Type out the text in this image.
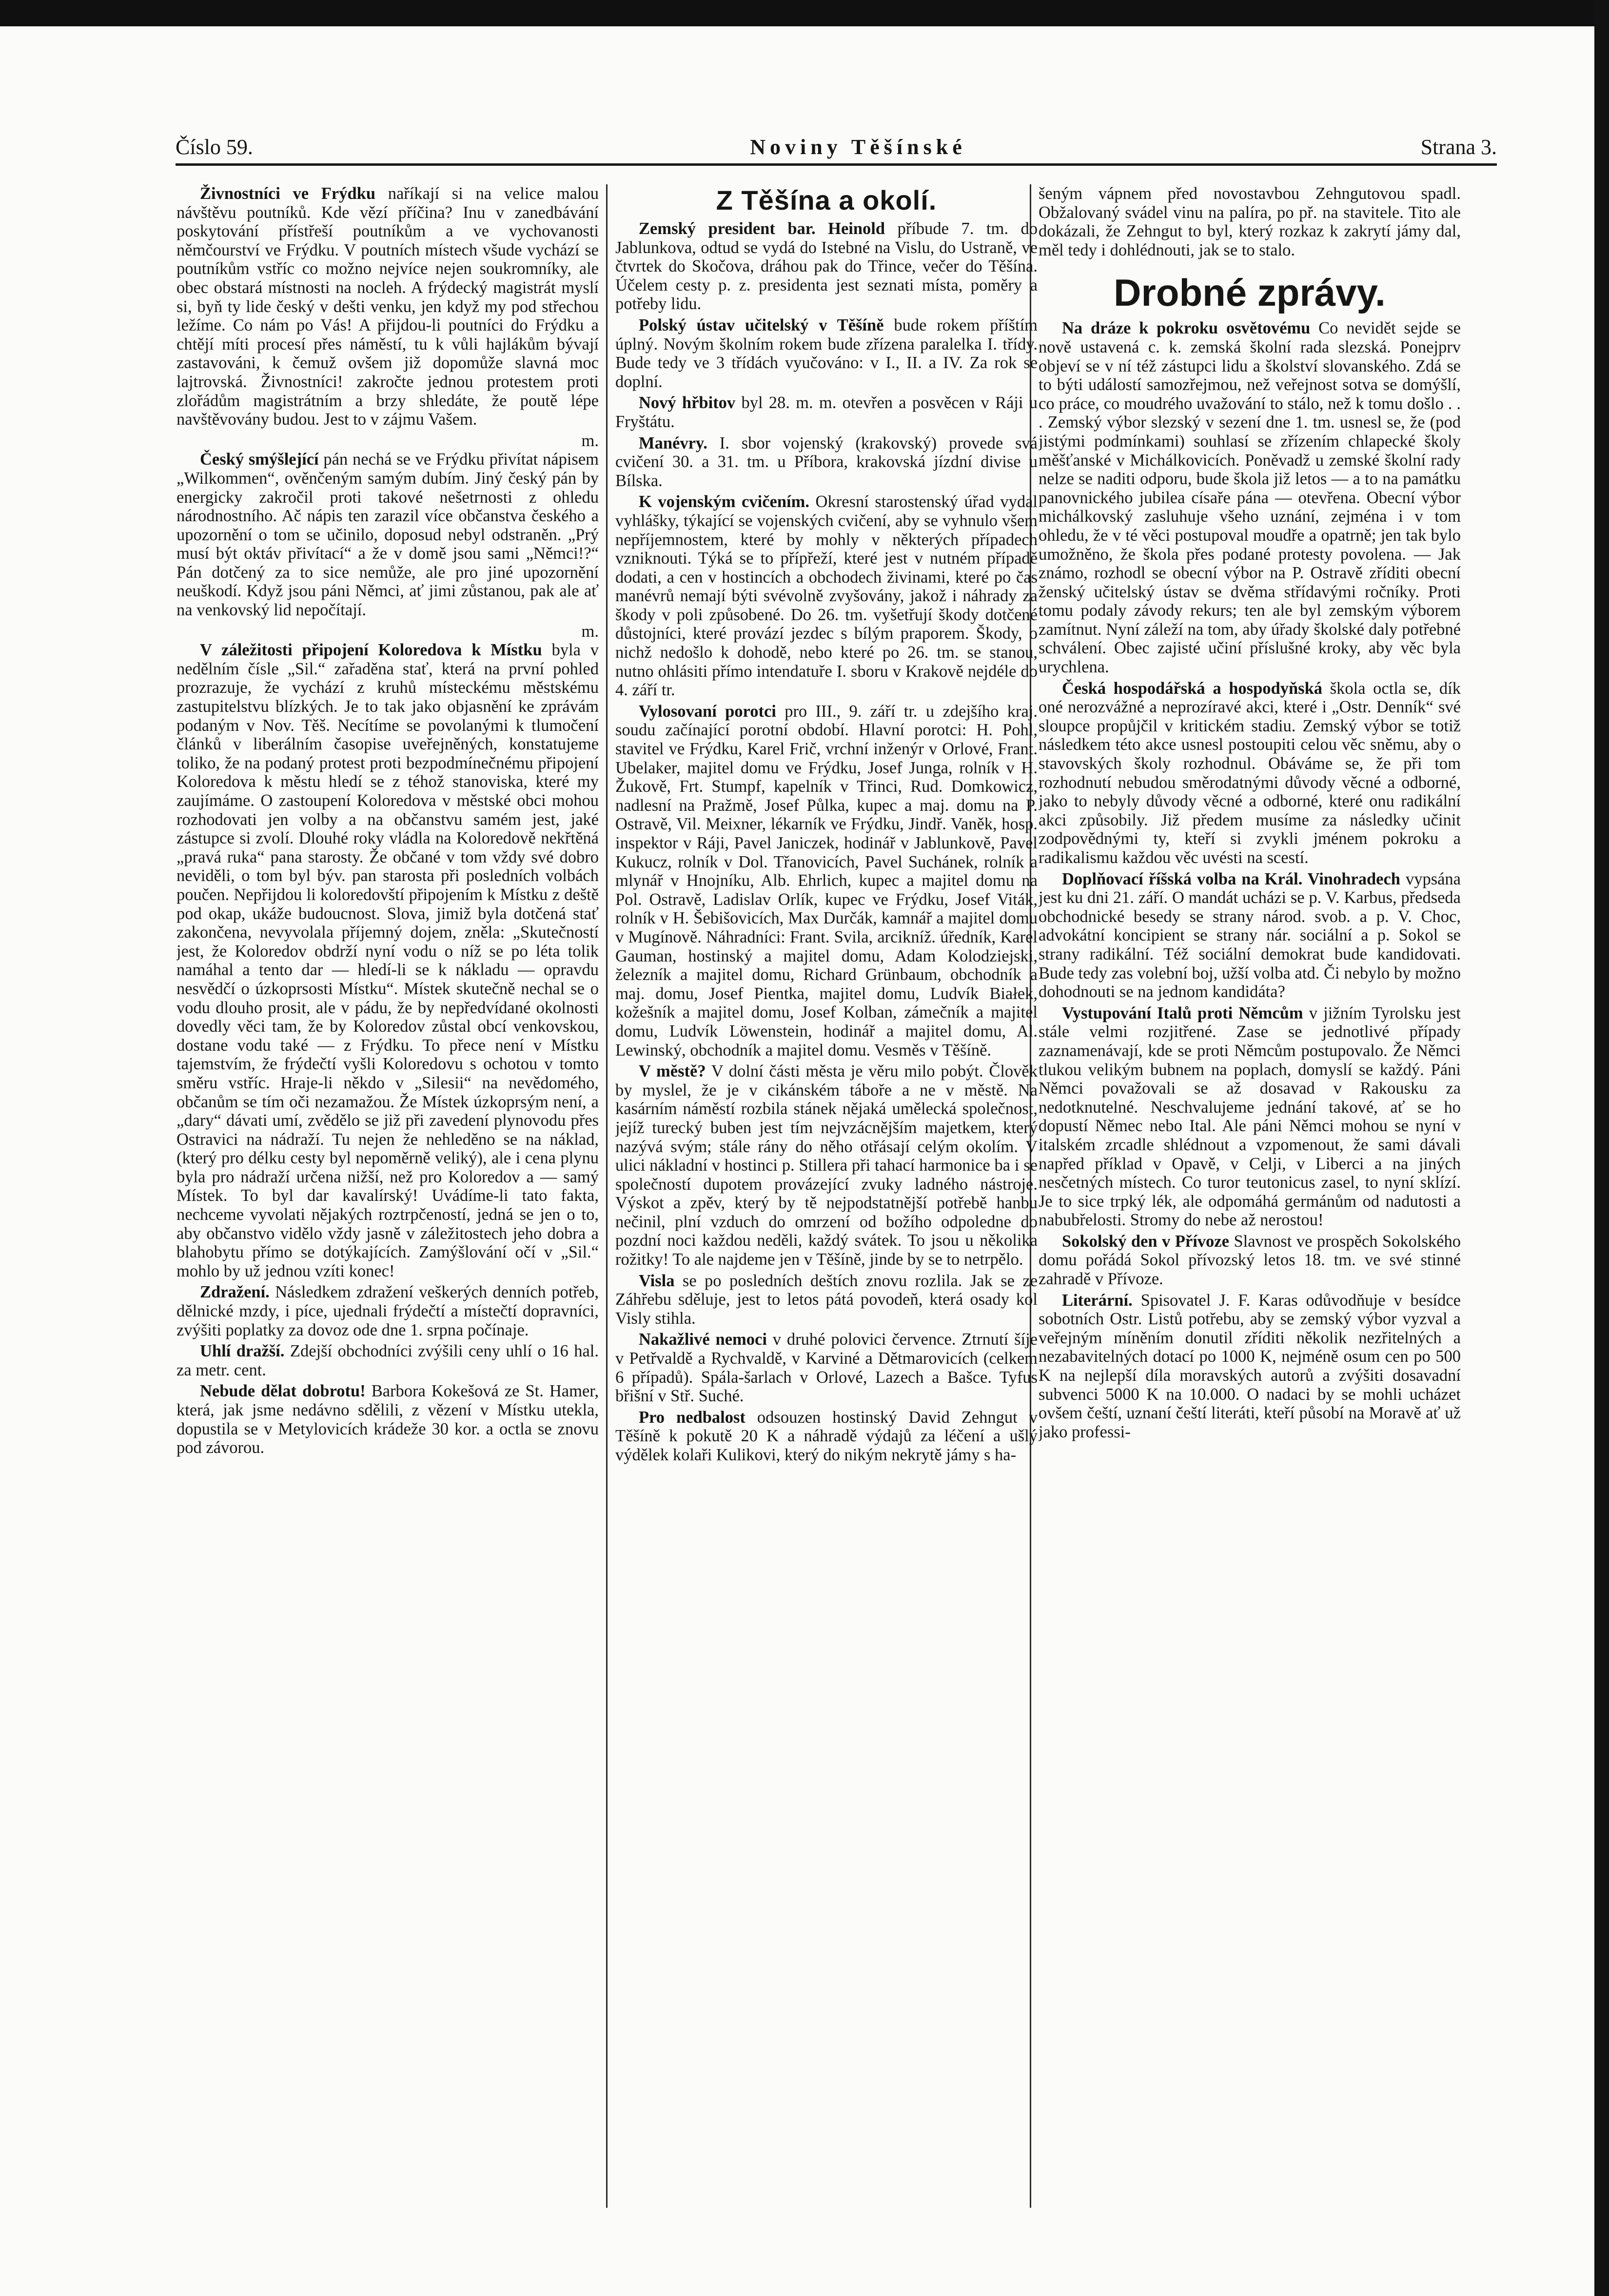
Číslo 59.	Noviny Těšínské	Strana 3.

Živnostníci ve Frýdku naříkají si na velice malou návštěvu poutníků. Kde vězí příčina? Inu v zanedbávání poskytování přístřeší poutníkům a ve vychovanosti němčourství ve Frýdku. V poutních místech všude vychází se poutníkům vstříc co možno nejvíce nejen soukromníky, ale obec obstará místnosti na nocleh. A frýdecký magistrát myslí si, byň ty lide český v dešti venku, jen když my pod střechou ležíme. Co nám po Vás! A přijdou-li poutníci do Frýdku a chtějí míti procesí přes náměstí, tu k vůli hajlákům bývají zastavováni, k čemuž ovšem již dopomůže slavná moc lajtrovská. Živnostníci! zakročte jednou protestem proti zlořádům magistrátním a brzy shledáte, že poutě lépe navštěvovány budou. Jest to v zájmu Vašem.

m.

Český smýšlející pán nechá se ve Frýdku přivítat nápisem „Wilkommen“, ověnčeným samým dubím. Jiný český pán by energicky zakročil proti takové nešetrnosti z ohledu národnostního. Ač nápis ten zarazil více občanstva českého a upozornění o tom se učinilo, doposud nebyl odstraněn. „Prý musí být oktáv přivítací“ a že v domě jsou sami „Němci!?“ Pán dotčený za to sice nemůže, ale pro jiné upozornění neuškodí. Když jsou páni Němci, ať jimi zůstanou, pak ale ať na venkovský lid nepočítají.

m.

V záležitosti připojení Koloredova k Místku byla v nedělním čísle „Sil.“ zařaděna stať, která na první pohled prozrazuje, že vychází z kruhů místeckému městskému zastupitelstvu blízkých. Je to tak jako objasnění ke zprávám podaným v Nov. Těš. Necítíme se povolanými k tlumočení článků v liberálním časopise uveřejněných, konstatujeme toliko, že na podaný protest proti bezpodmínečnému připojení Koloredova k městu hledí se z téhož stanoviska, které my zaujímáme. O zastoupení Koloredova v městské obci mohou rozhodovati jen volby a na občanstvu samém jest, jaké zástupce si zvolí. Dlouhé roky vládla na Koloredově nekřtěná „pravá ruka“ pana starosty. Že občané v tom vždy své dobro neviděli, o tom byl býv. pan starosta při posledních volbách poučen. Nepřijdou li koloredovští připojením k Místku z deště pod okap, ukáže budoucnost. Slova, jimiž byla dotčená stať zakončena, nevyvolala příjemný dojem, zněla: „Skutečností jest, že Koloredov obdrží nyní vodu o níž se po léta tolik namáhal a tento dar — hledí-li se k nákladu — opravdu nesvědčí o úzkoprsosti Místku“. Místek skutečně nechal se o vodu dlouho prosit, ale v pádu, že by nepředvídané okolnosti dovedly věci tam, že by Koloredov zůstal obcí venkovskou, dostane vodu také — z Frýdku. To přece není v Místku tajemstvím, že frýdečtí vyšli Koloredovu s ochotou v tomto směru vstříc. Hraje-li někdo v „Silesii“ na nevědomého, občanům se tím oči nezamažou. Že Místek úzkoprsým není, a „dary“ dávati umí, zvědělo se již při zavedení plynovodu přes Ostravici na nádraží. Tu nejen že nehleděno se na náklad, (který pro délku cesty byl nepoměrně veliký), ale i cena plynu byla pro nádraží určena nižší, než pro Koloredov a — samý Místek. To byl dar kavalírský! Uvádíme-li tato fakta, nechceme vyvolati nějakých roztrpčeností, jedná se jen o to, aby občanstvo vidělo vždy jasně v záležitostech jeho dobra a blahobytu přímo se dotýkajících. Zamýšlování očí v „Sil.“ mohlo by už jednou vzíti konec!

Zdražení. Následkem zdražení veškerých denních potřeb, dělnické mzdy, i píce, ujednali frýdečtí a místečtí dopravníci, zvýšiti poplatky za dovoz ode dne 1. srpna počínaje.

Uhlí dražší. Zdejší obchodníci zvýšili ceny uhlí o 16 hal. za metr. cent.

Nebude dělat dobrotu! Barbora Kokešová ze St. Hamer, která, jak jsme nedávno sdělili, z vězení v Místku utekla, dopustila se v Metylovicích krádeže 30 kor. a octla se znovu pod závorou.

Z Těšína a okolí.

Zemský president bar. Heinold příbude 7. tm. do Jablunkova, odtud se vydá do Istebné na Vislu, do Ustraně, ve čtvrtek do Skočova, dráhou pak do Třince, večer do Těšína. Účelem cesty p. z. presidenta jest seznati místa, poměry a potřeby lidu.

Polský ústav učitelský v Těšíně bude rokem příštím úplný. Novým školním rokem bude zřízena paralelka I. třídy. Bude tedy ve 3 třídách vyučováno: v I., II. a IV. Za rok se doplní.

Nový hřbitov byl 28. m. m. otevřen a posvěcen v Ráji u Fryštátu.

Manévry. I. sbor vojenský (krakovský) provede svá cvičení 30. a 31. tm. u Příbora, krakovská jízdní divise u Bílska.

K vojenským cvičením. Okresní starostenský úřad vydal vyhlášky, týkající se vojenských cvičení, aby se vyhnulo všem nepříjemnostem, které by mohly v některých případech vzniknouti. Týká se to přípřeží, které jest v nutném případě dodati, a cen v hostincích a obchodech živinami, které po čas manévrů nemají býti svévolně zvyšovány, jakož i náhrady za škody v poli způsobené. Do 26. tm. vyšetřují škody dotčené důstojníci, které provází jezdec s bílým praporem. Škody, o nichž nedošlo k dohodě, nebo které po 26. tm. se stanou, nutno ohlásiti přímo intendatuře I. sboru v Krakově nejdéle do 4. září tr.

Vylosovaní porotci pro III., 9. září tr. u zdejšího kraj. soudu začínající porotní období. Hlavní porotci: H. Pohl, stavitel ve Frýdku, Karel Frič, vrchní inženýr v Orlové, Frant. Ubelaker, majitel domu ve Frýdku, Josef Junga, rolník v H. Žukově, Frt. Stumpf, kapelník v Třinci, Rud. Domkowicz, nadlesní na Pražmě, Josef Půlka, kupec a maj. domu na P. Ostravě, Vil. Meixner, lékarník ve Frýdku, Jindř. Vaněk, hosp. inspektor v Ráji, Pavel Janiczek, hodinář v Jablunkově, Pavel Kukucz, rolník v Dol. Třanovicích, Pavel Suchánek, rolník a mlynář v Hnojníku, Alb. Ehrlich, kupec a majitel domu na Pol. Ostravě, Ladislav Orlík, kupec ve Frýdku, Josef Viták, rolník v H. Šebišovicích, Max Durčák, kamnář a majitel domu v Mugínově. Náhradníci: Frant. Svila, arcikníž. úředník, Karel Gauman, hostinský a majitel domu, Adam Kolodziejski, železník a majitel domu, Richard Grünbaum, obchodník a maj. domu, Josef Pientka, majitel domu, Ludvík Białek, kožešník a majitel domu, Josef Kolban, zámečník a majitel domu, Ludvík Löwenstein, hodinář a majitel domu, Al. Lewinský, obchodník a majitel domu. Vesměs v Těšíně.

V městě? V dolní části města je věru milo pobýt. Člověk by myslel, že je v cikánském táboře a ne v městě. Na kasárním náměstí rozbila stánek nějaká umělecká společnost, jejíž turecký buben jest tím nejvzácnějším majetkem, který nazývá svým; stále rány do něho otřásají celým okolím. V ulici nákladní v hostinci p. Stillera při tahací harmonice ba i se společností dupotem provázející zvuky ladného nástroje. Výskot a zpěv, který by tě nejpodstatnější potřebě hanbu nečinil, plní vzduch do omrzení od božího odpoledne do pozdní noci každou neděli, každý svátek. To jsou u několika rožitky! To ale najdeme jen v Těšíně, jinde by se to netrpělo.

Visla se po posledních deštích znovu rozlila. Jak se ze Záhřebu sděluje, jest to letos pátá povodeň, která osady kol Visly stihla.

Nakažlivé nemoci v druhé polovici července. Ztrnutí šíje v Petřvaldě a Rychvaldě, v Karviné a Dětmarovicích (celkem 6 případů). Spála-šarlach v Orlové, Lazech a Bašce. Tyfus břišní v Stř. Suché.

Pro nedbalost odsouzen hostinský David Zehngut v Těšíně k pokutě 20 K a náhradě výdajů za léčení a ušlý výdělek kolaři Kulikovi, který do nikým nekrytě jámy s ha-

šeným vápnem před novostavbou Zehngutovou spadl. Obžalovaný svádel vinu na palíra, po př. na stavitele. Tito ale dokázali, že Zehngut to byl, který rozkaz k zakrytí jámy dal, měl tedy i dohlédnouti, jak se to stalo.

Drobné zprávy.

Na dráze k pokroku osvětovému Co nevidět sejde se nově ustavená c. k. zemská školní rada slezská. Ponejprv objeví se v ní též zástupci lidu a školství slovanského. Zdá se to býti událostí samozřejmou, než veřejnost sotva se domýšlí, co práce, co moudrého uvažování to stálo, než k tomu došlo . . . Zemský výbor slezský v sezení dne 1. tm. usnesl se, že (pod jistými podmínkami) souhlasí se zřízením chlapecké školy měšťanské v Michálkovicích. Poněvadž u zemské školní rady nelze se naditi odporu, bude škola již letos — a to na památku panovnického jubilea císaře pána — otevřena. Obecní výbor michálkovský zasluhuje všeho uznání, zejména i v tom ohledu, že v té věci postupoval moudře a opatrně; jen tak bylo umožněno, že škola přes podané protesty povolena. — Jak známo, rozhodl se obecní výbor na P. Ostravě zříditi obecní ženský učitelský ústav se dvěma střídavými ročníky. Proti tomu podaly závody rekurs; ten ale byl zemským výborem zamítnut. Nyní záleží na tom, aby úřady školské daly potřebné schválení. Obec zajisté učiní příslušné kroky, aby věc byla urychlena.

Česká hospodářská a hospodyňská škola octla se, dík oné nerozvážné a neprozíravé akci, které i „Ostr. Denník“ své sloupce propůjčil v kritickém stadiu. Zemský výbor se totiž následkem této akce usnesl postoupiti celou věc sněmu, aby o stavovských školy rozhodnul. Obáváme se, že při tom rozhodnutí nebudou směrodatnými důvody věcné a odborné, jako to nebyly důvody věcné a odborné, které onu radikální akci způsobily. Již předem musíme za následky učinit zodpovědnými ty, kteří si zvykli jménem pokroku a radikalismu každou věc uvésti na scestí.

Doplňovací říšská volba na Král. Vinohradech vypsána jest ku dni 21. září. O mandát ucházi se p. V. Karbus, předseda obchodnické besedy se strany národ. svob. a p. V. Choc, advokátní koncipient se strany nár. sociální a p. Sokol se strany radikální. Též sociální demokrat bude kandidovati. Bude tedy zas volební boj, užší volba atd. Či nebylo by možno dohodnouti se na jednom kandidáta?

Vystupování Italů proti Němcům v jižním Tyrolsku jest stále velmi rozjitřené. Zase se jednotlivé případy zaznamenávají, kde se proti Němcům postupovalo. Že Němci tlukou velikým bubnem na poplach, domyslí se každý. Páni Němci považovali se až dosavad v Rakousku za nedotknutelné. Neschvalujeme jednání takové, ať se ho dopustí Němec nebo Ital. Ale páni Němci mohou se nyní v italském zrcadle shlédnout a vzpomenout, že sami dávali napřed příklad v Opavě, v Celji, v Liberci a na jiných nesčetných místech. Co turor teutonicus zasel, to nyní sklízí. Je to sice trpký lék, ale odpomáhá germánům od nadutosti a nabubřelosti. Stromy do nebe až nerostou!

Sokolský den v Přívoze Slavnost ve prospěch Sokolského domu pořádá Sokol přívozský letos 18. tm. ve své stinné zahradě v Přívoze.

Literární. Spisovatel J. F. Karas odůvodňuje v besídce sobotních Ostr. Listů potřebu, aby se zemský výbor vyzval a veřejným míněním donutil zříditi několik nezřitelných a nezabavitelných dotací po 1000 K, nejméně osum cen po 500 K na nejlepší díla moravských autorů a zvýšiti dosavadní subvenci 5000 K na 10.000. O nadaci by se mohli ucházet ovšem čeští, uznaní čeští literáti, kteří působí na Moravě ať už jako professi-
